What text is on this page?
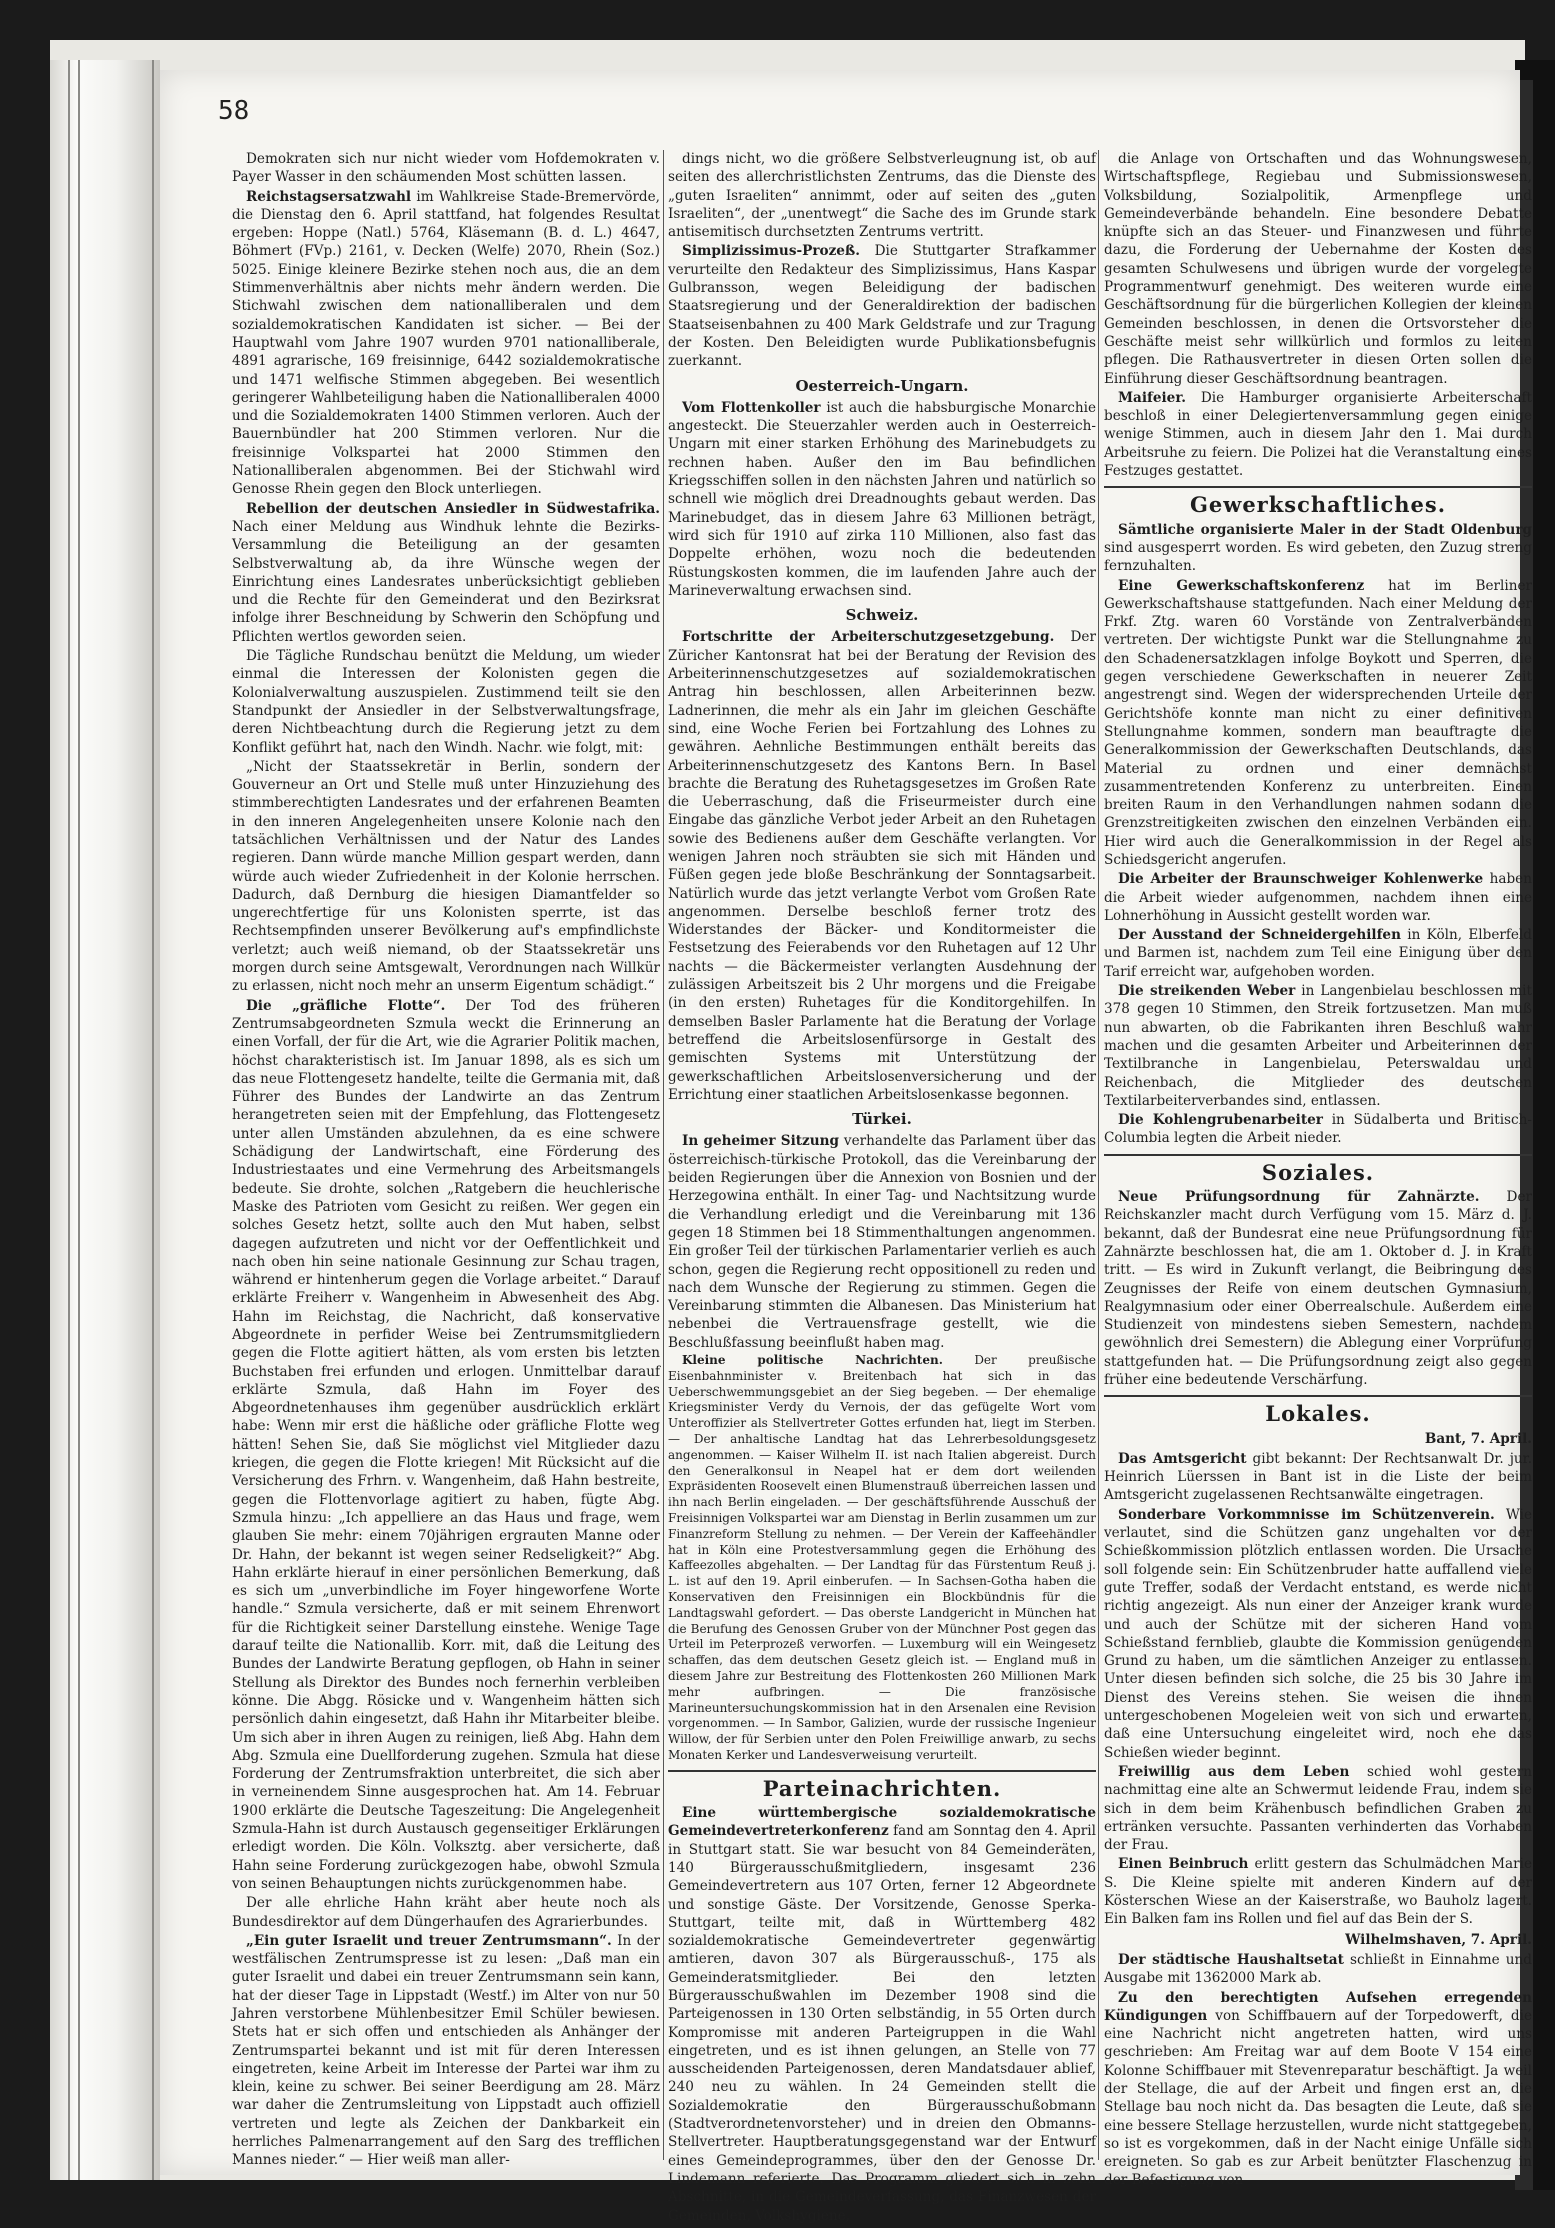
58

Demokraten sich nur nicht wieder vom Hofdemokraten v. Payer Wasser in den schäumenden Most schütten lassen.

Reichstagsersatzwahl im Wahlkreise Stade-Bremervörde, die Dienstag den 6. April stattfand, hat folgendes Resultat ergeben: Hoppe (Natl.) 5764, Kläsemann (B. d. L.) 4647, Böhmert (FVp.) 2161, v. Decken (Welfe) 2070, Rhein (Soz.) 5025. Einige kleinere Bezirke stehen noch aus, die an dem Stimmenverhältnis aber nichts mehr ändern werden. Die Stichwahl zwischen dem nationalliberalen und dem sozialdemokratischen Kandidaten ist sicher. — Bei der Hauptwahl vom Jahre 1907 wurden 9701 nationalliberale, 4891 agrarische, 169 freisinnige, 6442 sozialdemokratische und 1471 welfische Stimmen abgegeben. Bei wesentlich geringerer Wahlbeteiligung haben die Nationalliberalen 4000 und die Sozialdemokraten 1400 Stimmen verloren. Auch der Bauernbündler hat 200 Stimmen verloren. Nur die freisinnige Volkspartei hat 2000 Stimmen den Nationalliberalen abgenommen. Bei der Stichwahl wird Genosse Rhein gegen den Block unterliegen.

Rebellion der deutschen Ansiedler in Südwestafrika. Nach einer Meldung aus Windhuk lehnte die Bezirks-Versammlung die Beteiligung an der gesamten Selbstverwaltung ab, da ihre Wünsche wegen der Einrichtung eines Landesrates unberücksichtigt geblieben und die Rechte für den Gemeinderat und den Bezirksrat infolge ihrer Beschneidung by Schwerin den Schöpfung und Pflichten wertlos geworden seien.

Die Tägliche Rundschau benützt die Meldung, um wieder einmal die Interessen der Kolonisten gegen die Kolonialverwaltung auszuspielen. Zustimmend teilt sie den Standpunkt der Ansiedler in der Selbstverwaltungsfrage, deren Nichtbeachtung durch die Regierung jetzt zu dem Konflikt geführt hat, nach den Windh. Nachr. wie folgt, mit:

„Nicht der Staatssekretär in Berlin, sondern der Gouverneur an Ort und Stelle muß unter Hinzuziehung des stimmberechtigten Landesrates und der erfahrenen Beamten in den inneren Angelegenheiten unsere Kolonie nach den tatsächlichen Verhältnissen und der Natur des Landes regieren. Dann würde manche Million gespart werden, dann würde auch wieder Zufriedenheit in der Kolonie herrschen. Dadurch, daß Dernburg die hiesigen Diamantfelder so ungerechtfertige für uns Kolonisten sperrte, ist das Rechtsempfinden unserer Bevölkerung auf's empfindlichste verletzt; auch weiß niemand, ob der Staatssekretär uns morgen durch seine Amtsgewalt, Verordnungen nach Willkür zu erlassen, nicht noch mehr an unserm Eigentum schädigt.“

Die „gräfliche Flotte“. Der Tod des früheren Zentrumsabgeordneten Szmula weckt die Erinnerung an einen Vorfall, der für die Art, wie die Agrarier Politik machen, höchst charakteristisch ist. Im Januar 1898, als es sich um das neue Flottengesetz handelte, teilte die Germania mit, daß Führer des Bundes der Landwirte an das Zentrum herangetreten seien mit der Empfehlung, das Flottengesetz unter allen Umständen abzulehnen, da es eine schwere Schädigung der Landwirtschaft, eine Förderung des Industriestaates und eine Vermehrung des Arbeitsmangels bedeute. Sie drohte, solchen „Ratgebern die heuchlerische Maske des Patrioten vom Gesicht zu reißen. Wer gegen ein solches Gesetz hetzt, sollte auch den Mut haben, selbst dagegen aufzutreten und nicht vor der Oeffentlichkeit und nach oben hin seine nationale Gesinnung zur Schau tragen, während er hintenherum gegen die Vorlage arbeitet.“ Darauf erklärte Freiherr v. Wangenheim in Abwesenheit des Abg. Hahn im Reichstag, die Nachricht, daß konservative Abgeordnete in perfider Weise bei Zentrumsmitgliedern gegen die Flotte agitiert hätten, als vom ersten bis letzten Buchstaben frei erfunden und erlogen. Unmittelbar darauf erklärte Szmula, daß Hahn im Foyer des Abgeordnetenhauses ihm gegenüber ausdrücklich erklärt habe: Wenn mir erst die häßliche oder gräfliche Flotte weg hätten! Sehen Sie, daß Sie möglichst viel Mitglieder dazu kriegen, die gegen die Flotte kriegen! Mit Rücksicht auf die Versicherung des Frhrn. v. Wangenheim, daß Hahn bestreite, gegen die Flottenvorlage agitiert zu haben, fügte Abg. Szmula hinzu: „Ich appelliere an das Haus und frage, wem glauben Sie mehr: einem 70jährigen ergrauten Manne oder Dr. Hahn, der bekannt ist wegen seiner Redseligkeit?“ Abg. Hahn erklärte hierauf in einer persönlichen Bemerkung, daß es sich um „unverbindliche im Foyer hingeworfene Worte handle.“ Szmula versicherte, daß er mit seinem Ehrenwort für die Richtigkeit seiner Darstellung einstehe. Wenige Tage darauf teilte die Nationallib. Korr. mit, daß die Leitung des Bundes der Landwirte Beratung gepflogen, ob Hahn in seiner Stellung als Direktor des Bundes noch fernerhin verbleiben könne. Die Abgg. Rösicke und v. Wangenheim hätten sich persönlich dahin eingesetzt, daß Hahn ihr Mitarbeiter bleibe. Um sich aber in ihren Augen zu reinigen, ließ Abg. Hahn dem Abg. Szmula eine Duellforderung zugehen. Szmula hat diese Forderung der Zentrumsfraktion unterbreitet, die sich aber in verneinendem Sinne ausgesprochen hat. Am 14. Februar 1900 erklärte die Deutsche Tageszeitung: Die Angelegenheit Szmula-Hahn ist durch Austausch gegenseitiger Erklärungen erledigt worden. Die Köln. Volksztg. aber versicherte, daß Hahn seine Forderung zurückgezogen habe, obwohl Szmula von seinen Behauptungen nichts zurückgenommen habe.

Der alle ehrliche Hahn kräht aber heute noch als Bundesdirektor auf dem Düngerhaufen des Agrarierbundes.

„Ein guter Israelit und treuer Zentrumsmann“. In der westfälischen Zentrumspresse ist zu lesen: „Daß man ein guter Israelit und dabei ein treuer Zentrumsmann sein kann, hat der dieser Tage in Lippstadt (Westf.) im Alter von nur 50 Jahren verstorbene Mühlenbesitzer Emil Schüler bewiesen. Stets hat er sich offen und entschieden als Anhänger der Zentrumspartei bekannt und ist mit für deren Interessen eingetreten, keine Arbeit im Interesse der Partei war ihm zu klein, keine zu schwer. Bei seiner Beerdigung am 28. März war daher die Zentrumsleitung von Lippstadt auch offiziell vertreten und legte als Zeichen der Dankbarkeit ein herrliches Palmenarrangement auf den Sarg des trefflichen Mannes nieder.“ — Hier weiß man aller-

dings nicht, wo die größere Selbstverleugnung ist, ob auf seiten des allerchristlichsten Zentrums, das die Dienste des „guten Israeliten“ annimmt, oder auf seiten des „guten Israeliten“, der „unentwegt“ die Sache des im Grunde stark antisemitisch durchsetzten Zentrums vertritt.

Simplizissimus-Prozeß. Die Stuttgarter Strafkammer verurteilte den Redakteur des Simplizissimus, Hans Kaspar Gulbransson, wegen Beleidigung der badischen Staatsregierung und der Generaldirektion der badischen Staatseisenbahnen zu 400 Mark Geldstrafe und zur Tragung der Kosten. Den Beleidigten wurde Publikationsbefugnis zuerkannt.

Oesterreich-Ungarn.

Vom Flottenkoller ist auch die habsburgische Monarchie angesteckt. Die Steuerzahler werden auch in Oesterreich-Ungarn mit einer starken Erhöhung des Marinebudgets zu rechnen haben. Außer den im Bau befindlichen Kriegsschiffen sollen in den nächsten Jahren und natürlich so schnell wie möglich drei Dreadnoughts gebaut werden. Das Marinebudget, das in diesem Jahre 63 Millionen beträgt, wird sich für 1910 auf zirka 110 Millionen, also fast das Doppelte erhöhen, wozu noch die bedeutenden Rüstungskosten kommen, die im laufenden Jahre auch der Marineverwaltung erwachsen sind.

Schweiz.

Fortschritte der Arbeiterschutzgesetzgebung. Der Züricher Kantonsrat hat bei der Beratung der Revision des Arbeiterinnenschutzgesetzes auf sozialdemokratischen Antrag hin beschlossen, allen Arbeiterinnen bezw. Ladnerinnen, die mehr als ein Jahr im gleichen Geschäfte sind, eine Woche Ferien bei Fortzahlung des Lohnes zu gewähren. Aehnliche Bestimmungen enthält bereits das Arbeiterinnenschutzgesetz des Kantons Bern. In Basel brachte die Beratung des Ruhetagsgesetzes im Großen Rate die Ueberraschung, daß die Friseurmeister durch eine Eingabe das gänzliche Verbot jeder Arbeit an den Ruhetagen sowie des Bedienens außer dem Geschäfte verlangten. Vor wenigen Jahren noch sträubten sie sich mit Händen und Füßen gegen jede bloße Beschränkung der Sonntagsarbeit. Natürlich wurde das jetzt verlangte Verbot vom Großen Rate angenommen. Derselbe beschloß ferner trotz des Widerstandes der Bäcker- und Konditormeister die Festsetzung des Feierabends vor den Ruhetagen auf 12 Uhr nachts — die Bäckermeister verlangten Ausdehnung der zulässigen Arbeitszeit bis 2 Uhr morgens und die Freigabe (in den ersten) Ruhetages für die Konditorgehilfen. In demselben Basler Parlamente hat die Beratung der Vorlage betreffend die Arbeitslosenfürsorge in Gestalt des gemischten Systems mit Unterstützung der gewerkschaftlichen Arbeitslosenversicherung und der Errichtung einer staatlichen Arbeitslosenkasse begonnen.

Türkei.

In geheimer Sitzung verhandelte das Parlament über das österreichisch-türkische Protokoll, das die Vereinbarung der beiden Regierungen über die Annexion von Bosnien und der Herzegowina enthält. In einer Tag- und Nachtsitzung wurde die Verhandlung erledigt und die Vereinbarung mit 136 gegen 18 Stimmen bei 18 Stimmenthaltungen angenommen. Ein großer Teil der türkischen Parlamentarier verlieh es auch schon, gegen die Regierung recht oppositionell zu reden und nach dem Wunsche der Regierung zu stimmen. Gegen die Vereinbarung stimmten die Albanesen. Das Ministerium hat nebenbei die Vertrauensfrage gestellt, wie die Beschlußfassung beeinflußt haben mag.

Kleine politische Nachrichten.	Der preußische Eisenbahnminister v. Breitenbach hat sich in das Ueberschwemmungsgebiet an der Sieg begeben. — Der ehemalige Kriegsminister Verdy du Vernois, der das gefügelte Wort vom Unteroffizier als Stellvertreter Gottes erfunden hat, liegt im Sterben. — Der anhaltische Landtag hat das Lehrerbesoldungsgesetz angenommen. — Kaiser Wilhelm II. ist nach Italien abgereist. Durch den Generalkonsul in Neapel hat er dem dort weilenden Expräsidenten Roosevelt einen Blumenstrauß überreichen lassen und ihn nach Berlin eingeladen. — Der geschäftsführende Ausschuß der Freisinnigen Volkspartei war am Dienstag in Berlin zusammen um zur Finanzreform Stellung zu nehmen. — Der Verein der Kaffeehändler hat in Köln eine Protestversammlung gegen die Erhöhung des Kaffeezolles abgehalten. — Der Landtag für das Fürstentum Reuß j. L. ist auf den 19. April einberufen. — In Sachsen-Gotha haben die Konservativen den Freisinnigen ein Blockbündnis für die Landtagswahl gefordert. — Das oberste Landgericht in München hat die Berufung des Genossen Gruber von der Münchner Post gegen das Urteil im Peterprozeß verworfen. — Luxemburg will ein Weingesetz schaffen, das dem deutschen Gesetz gleich ist. — England muß in diesem Jahre zur Bestreitung des Flottenkosten 260 Millionen Mark mehr aufbringen. — Die französische Marineuntersuchungskommission hat in den Arsenalen eine Revision vorgenommen. — In Sambor, Galizien, wurde der russische Ingenieur Willow, der für Serbien unter den Polen Freiwillige anwarb, zu sechs Monaten Kerker und Landesverweisung verurteilt.

Parteinachrichten.

Eine württembergische sozialdemokratische Gemeindevertreterkonferenz fand am Sonntag den 4. April in Stuttgart statt. Sie war besucht von 84 Gemeinderäten, 140 Bürgerausschußmitgliedern, insgesamt 236 Gemeindevertretern aus 107 Orten, ferner 12 Abgeordnete und sonstige Gäste. Der Vorsitzende, Genosse Sperka-Stuttgart, teilte mit, daß in Württemberg 482 sozialdemokratische Gemeindevertreter gegenwärtig amtieren, davon 307 als Bürgerausschuß-, 175 als Gemeinderatsmitglieder. Bei den letzten Bürgerausschußwahlen im Dezember 1908 sind die Parteigenossen in 130 Orten selbständig, in 55 Orten durch Kompromisse mit anderen Parteigruppen in die Wahl eingetreten, und es ist ihnen gelungen, an Stelle von 77 ausscheidenden Parteigenossen, deren Mandatsdauer ablief, 240 neu zu wählen. In 24 Gemeinden stellt die Sozialdemokratie den Bürgerausschußobmann (Stadtverordnetenvorsteher) und in dreien den Obmanns-Stellvertreter. Hauptberatungsgegenstand war der Entwurf eines Gemeindeprogrammes, über den der Genosse Dr. Lindemann referierte. Das Programm gliedert sich in zehn Abschnitte, in die Gemeindeverfassung, das Finanzwesen der Gemeinden, Volkshygiene,

die Anlage von Ortschaften und das Wohnungswesen, Wirtschaftspflege, Regiebau und Submissionswesen, Volksbildung, Sozialpolitik, Armenpflege und Gemeindeverbände behandeln. Eine besondere Debatte knüpfte sich an das Steuer- und Finanzwesen und führte dazu, die Forderung der Uebernahme der Kosten des gesamten Schulwesens und übrigen wurde der vorgelegte Programmentwurf genehmigt. Des weiteren wurde eine Geschäftsordnung für die bürgerlichen Kollegien der kleinen Gemeinden beschlossen, in denen die Ortsvorsteher die Geschäfte meist sehr willkürlich und formlos zu leiten pflegen. Die Rathausvertreter in diesen Orten sollen die Einführung dieser Geschäftsordnung beantragen.

Maifeier. Die Hamburger organisierte Arbeiterschaft beschloß in einer Delegiertenversammlung gegen einige wenige Stimmen, auch in diesem Jahr den 1. Mai durch Arbeitsruhe zu feiern. Die Polizei hat die Veranstaltung eines Festzuges gestattet.

Gewerkschaftliches.

Sämtliche organisierte Maler in der Stadt Oldenburg sind ausgesperrt worden. Es wird gebeten, den Zuzug streng fernzuhalten.

Eine Gewerkschaftskonferenz hat im Berliner Gewerkschaftshause stattgefunden. Nach einer Meldung der Frkf. Ztg. waren 60 Vorstände von Zentralverbänden vertreten. Der wichtigste Punkt war die Stellungnahme zu den Schadenersatzklagen infolge Boykott und Sperren, die gegen verschiedene Gewerkschaften in neuerer Zeit angestrengt sind. Wegen der widersprechenden Urteile der Gerichtshöfe konnte man nicht zu einer definitiven Stellungnahme kommen, sondern man beauftragte die Generalkommission der Gewerkschaften Deutschlands, das Material zu ordnen und einer demnächst zusammentretenden Konferenz zu unterbreiten. Einen breiten Raum in den Verhandlungen nahmen sodann die Grenzstreitigkeiten zwischen den einzelnen Verbänden ein. Hier wird auch die Generalkommission in der Regel als Schiedsgericht angerufen.

Die Arbeiter der Braunschweiger Kohlenwerke haben die Arbeit wieder aufgenommen, nachdem ihnen eine Lohnerhöhung in Aussicht gestellt worden war.

Der Ausstand der Schneidergehilfen in Köln, Elberfeld und Barmen ist, nachdem zum Teil eine Einigung über den Tarif erreicht war, aufgehoben worden.

Die streikenden Weber in Langenbielau beschlossen mit 378 gegen 10 Stimmen, den Streik fortzusetzen. Man muß nun abwarten, ob die Fabrikanten ihren Beschluß wahr machen und die gesamten Arbeiter und Arbeiterinnen der Textilbranche in Langenbielau, Peterswaldau und Reichenbach, die Mitglieder des deutschen Textilarbeiterverbandes sind, entlassen.

Die Kohlengrubenarbeiter in Südalberta und Britisch-Columbia legten die Arbeit nieder.

Soziales.

Neue Prüfungsordnung für Zahnärzte. Der Reichskanzler macht durch Verfügung vom 15. März d. J. bekannt, daß der Bundesrat eine neue Prüfungsordnung für Zahnärzte beschlossen hat, die am 1. Oktober d. J. in Kraft tritt. — Es wird in Zukunft verlangt, die Beibringung des Zeugnisses der Reife von einem deutschen Gymnasium, Realgymnasium oder einer Oberrealschule. Außerdem eine Studienzeit von mindestens sieben Semestern, nachdem gewöhnlich drei Semestern) die Ablegung einer Vorprüfung stattgefunden hat. — Die Prüfungsordnung zeigt also gegen früher eine bedeutende Verschärfung.

Lokales.
Bant, 7. April.

Das Amtsgericht gibt bekannt: Der Rechtsanwalt Dr. jur. Heinrich Lüerssen in Bant ist in die Liste der beim Amtsgericht zugelassenen Rechtsanwälte eingetragen.

Sonderbare Vorkommnisse im Schützenverein. Wie verlautet, sind die Schützen ganz ungehalten vor der Schießkommission plötzlich entlassen worden. Die Ursache soll folgende sein: Ein Schützenbruder hatte auffallend viele gute Treffer, sodaß der Verdacht entstand, es werde nicht richtig angezeigt. Als nun einer der Anzeiger krank wurde und auch der Schütze mit der sicheren Hand vom Schießstand fernblieb, glaubte die Kommission genügenden Grund zu haben, um die sämtlichen Anzeiger zu entlassen. Unter diesen befinden sich solche, die 25 bis 30 Jahre im Dienst des Vereins stehen. Sie weisen die ihnen untergeschobenen Mogeleien weit von sich und erwarten, daß eine Untersuchung eingeleitet wird, noch ehe das Schießen wieder beginnt.

Freiwillig aus dem Leben schied wohl gestern nachmittag eine alte an Schwermut leidende Frau, indem sie sich in dem beim Krähenbusch befindlichen Graben zu ertränken versuchte. Passanten verhinderten das Vorhaben der Frau.

Einen Beinbruch erlitt gestern das Schulmädchen Marie S. Die Kleine spielte mit anderen Kindern auf der Kösterschen Wiese an der Kaiserstraße, wo Bauholz lagert. Ein Balken fam ins Rollen und fiel auf das Bein der S.

Wilhelmshaven, 7. April.

Der städtische Haushaltsetat schließt in Einnahme und Ausgabe mit 1362000 Mark ab.

Zu den berechtigten Aufsehen erregenden Kündigungen von Schiffbauern auf der Torpedowerft, die eine Nachricht nicht angetreten hatten, wird uns geschrieben: Am Freitag war auf dem Boote V 154 eine Kolonne Schiffbauer mit Stevenreparatur beschäftigt. Ja weil der Stellage, die auf der Arbeit und fingen erst an, die Stellage bau noch nicht da. Das besagten die Leute, daß sie eine bessere Stellage herzustellen, wurde nicht stattgegeben, so ist es vorgekommen, daß in der Nacht einige Unfälle sich ereigneten. So gab es zur Arbeit benützter Flaschenzug in der Befestigung von
